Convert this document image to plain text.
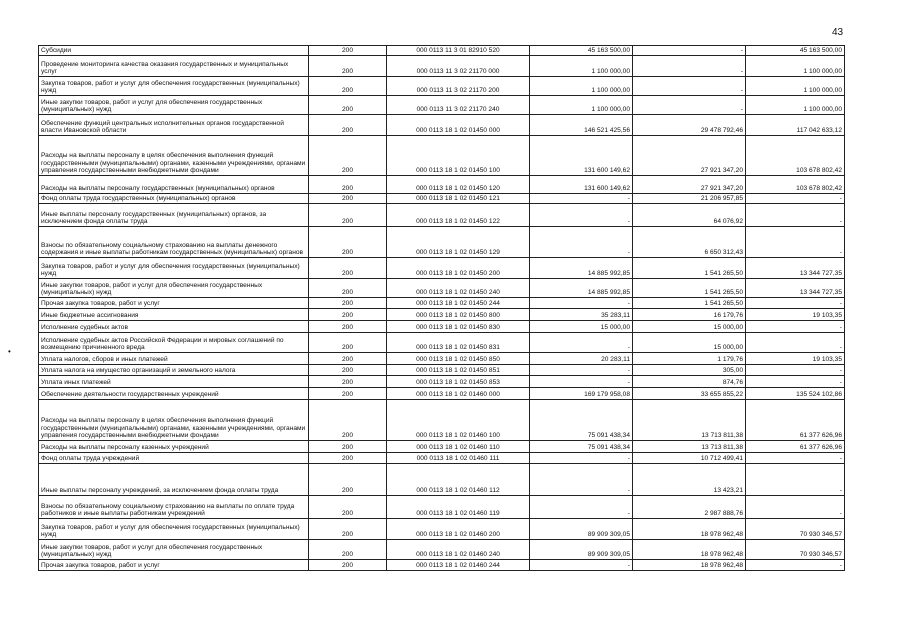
43
•
Субсидии	200	000 0113 11 3 01 82910 520	45 163 500,00	-	45 163 500,00
Проведение мониторинга качества оказания государственных и муниципальных услуг	200	000 0113 11 3 02 21170 000	1 100 000,00	-	1 100 000,00
Закупка товаров, работ и услуг для обеспечения государственных (муниципальных) нужд	200	000 0113 11 3 02 21170 200	1 100 000,00	-	1 100 000,00
Иные закупки товаров, работ и услуг для обеспечения государственных (муниципальных) нужд	200	000 0113 11 3 02 21170 240	1 100 000,00	-	1 100 000,00
Обеспечение функций центральных исполнительных органов государственной власти Ивановской области	200	000 0113 18 1 02 01450 000	146 521 425,56	29 478 792,46	117 042 633,12
Расходы на выплаты персоналу в целях обеспечения выполнения функций государственными (муниципальными) органами, казенными учреждениями, органами управления государственными внебюджетными фондами	200	000 0113 18 1 02 01450 100	131 600 149,62	27 921 347,20	103 678 802,42
Расходы на выплаты персоналу государственных (муниципальных) органов	200	000 0113 18 1 02 01450 120	131 600 149,62	27 921 347,20	103 678 802,42
Фонд оплаты труда государственных (муниципальных) органов	200	000 0113 18 1 02 01450 121	-	21 206 957,85	-
Иные выплаты персоналу государственных (муниципальных) органов, за исключением фонда оплаты труда	200	000 0113 18 1 02 01450 122	-	64 076,92	-
Взносы по обязательному социальному страхованию на выплаты денежного содержания и иные выплаты работникам государственных (муниципальных) органов	200	000 0113 18 1 02 01450 129	-	6 650 312,43	-
Закупка товаров, работ и услуг для обеспечения государственных (муниципальных) нужд	200	000 0113 18 1 02 01450 200	14 885 992,85	1 541 265,50	13 344 727,35
Иные закупки товаров, работ и услуг для обеспечения государственных (муниципальных) нужд	200	000 0113 18 1 02 01450 240	14 885 992,85	1 541 265,50	13 344 727,35
Прочая закупка товаров, работ и услуг	200	000 0113 18 1 02 01450 244	-	1 541 265,50	-
Иные бюджетные ассигнования	200	000 0113 18 1 02 01450 800	35 283,11	16 179,76	19 103,35
Исполнение судебных актов	200	000 0113 18 1 02 01450 830	15 000,00	15 000,00	-
Исполнение судебных актов Российской Федерации и мировых соглашений по возмещению причиненного вреда	200	000 0113 18 1 02 01450 831	-	15 000,00	-
Уплата налогов, сборов и иных платежей	200	000 0113 18 1 02 01450 850	20 283,11	1 179,76	19 103,35
Уплата налога на имущество организаций и земельного налога	200	000 0113 18 1 02 01450 851	-	305,00	-
Уплата иных платежей	200	000 0113 18 1 02 01450 853	-	874,76	-
Обеспечение деятельности государственных учреждений	200	000 0113 18 1 02 01460 000	169 179 958,08	33 655 855,22	135 524 102,86
Расходы на выплаты персоналу в целях обеспечения выполнения функций государственными (муниципальными) органами, казенными учреждениями, органами управления государственными внебюджетными фондами	200	000 0113 18 1 02 01460 100	75 091 438,34	13 713 811,38	61 377 626,96
Расходы на выплаты персоналу казенных учреждений	200	000 0113 18 1 02 01460 110	75 091 438,34	13 713 811,38	61 377 626,96
Фонд оплаты труда учреждений	200	000 0113 18 1 02 01460 111	-	10 712 499,41	-
Иные выплаты персоналу учреждений, за исключением фонда оплаты труда	200	000 0113 18 1 02 01460 112	-	13 423,21	-
Взносы по обязательному социальному страхованию на выплаты по оплате труда работников и иные выплаты работникам учреждений	200	000 0113 18 1 02 01460 119	-	2 987 888,76	-
Закупка товаров, работ и услуг для обеспечения государственных (муниципальных) нужд	200	000 0113 18 1 02 01460 200	89 909 309,05	18 978 962,48	70 930 346,57
Иные закупки товаров, работ и услуг для обеспечения государственных (муниципальных) нужд	200	000 0113 18 1 02 01460 240	89 909 309,05	18 978 962,48	70 930 346,57
Прочая закупка товаров, работ и услуг	200	000 0113 18 1 02 01460 244	-	18 978 962,48	-
